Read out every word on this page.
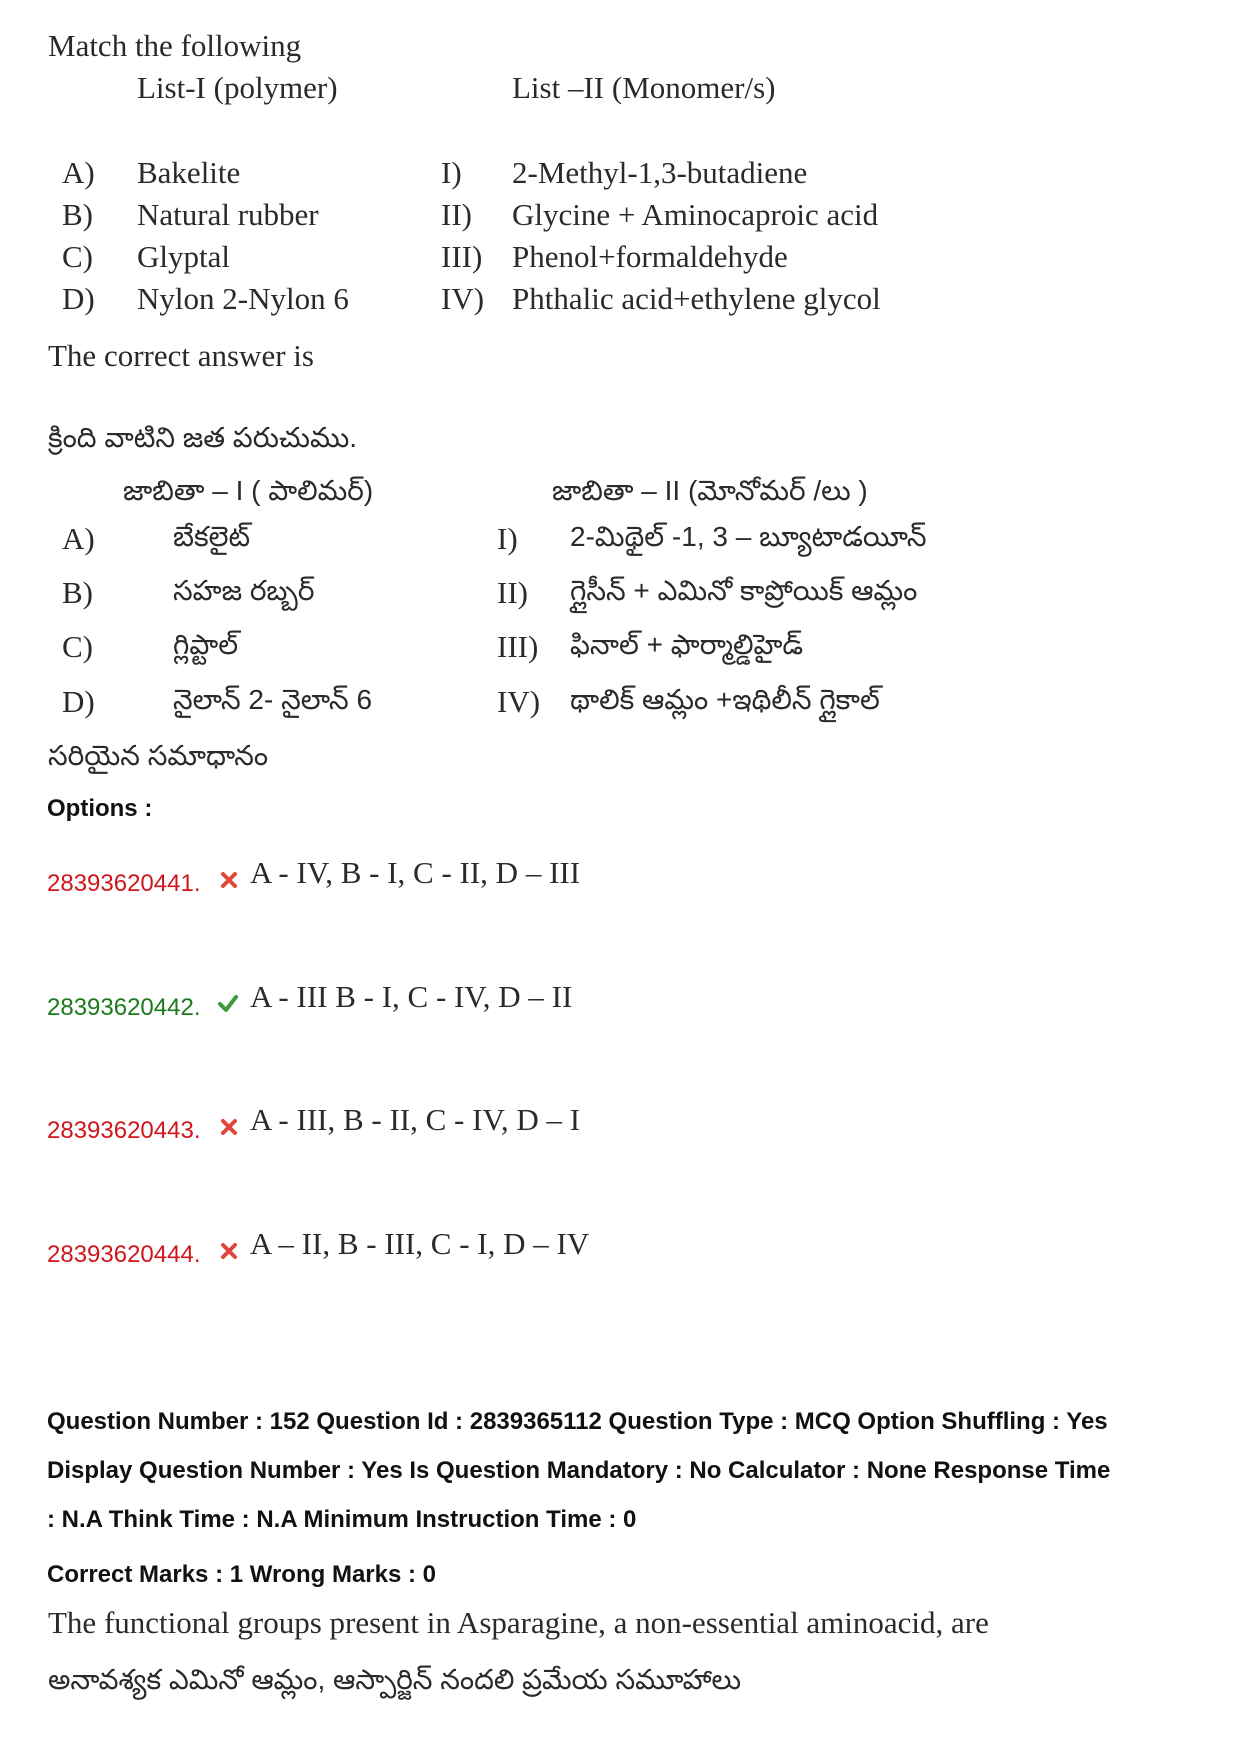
Match the following
List-I (polymer)	List –II (Monomer/s)
A) Bakelite	I) 2-Methyl-1,3-butadiene
B) Natural rubber	II) Glycine + Aminocaproic acid
C) Glyptal	III) Phenol+formaldehyde
D) Nylon 2-Nylon 6	IV) Phthalic acid+ethylene glycol
The correct answer is
క్రింది వాటిని జత పరుచుము.
జాబితా – I ( పాలిమర్)	జాబితా – II (మోనోమర్ /లు )
A)	బేకలైట్	I) 2-మిథైల్ -1, 3 – బ్యూటాడయీన్
B)	సహజ రబ్బర్	II) గ్లైసీన్ + ఎమినో కాప్రోయిక్ ఆమ్లం
C)	గ్లిప్టాల్	III) ఫినాల్ + ఫార్మాల్డిహైడ్
D)	నైలాన్ 2- నైలాన్ 6	IV) థాలిక్ ఆమ్లం +ఇథిలీన్ గ్లైకాల్
సరియైన సమాధానం
Options :
28393620441. A - IV, B - I, C - II, D – III
28393620442. A - III B - I, C - IV, D – II
28393620443. A - III, B - II, C - IV, D – I
28393620444. A – II, B - III, C - I, D – IV
Question Number : 152 Question Id : 2839365112 Question Type : MCQ Option Shuffling : Yes
Display Question Number : Yes Is Question Mandatory : No Calculator : None Response Time
: N.A Think Time : N.A Minimum Instruction Time : 0
Correct Marks : 1 Wrong Marks : 0
The functional groups present in Asparagine, a non-essential aminoacid, are
అనావశ్యక ఎమినో ఆమ్లం, ఆస్పార్జిన్ నందలి ప్రమేయ సమూహాలు
